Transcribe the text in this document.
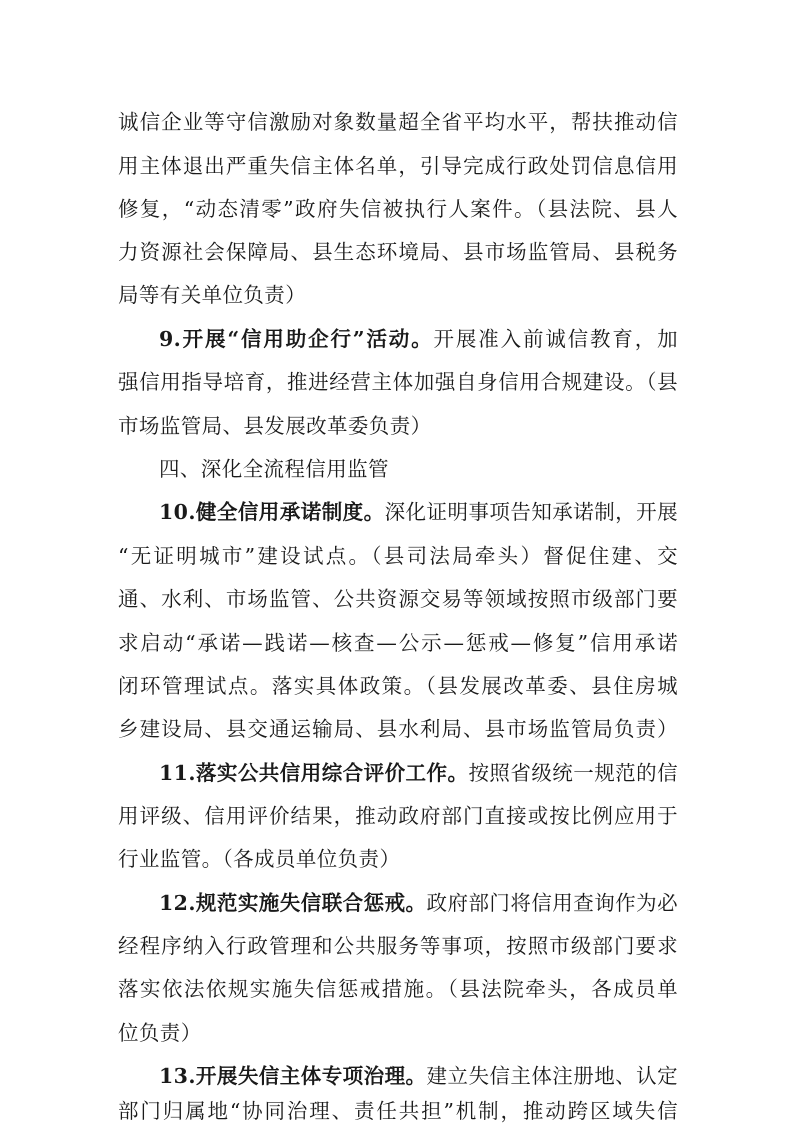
诚信企业等守信激励对象数量超全省平均水平，帮扶推动信
用主体退出严重失信主体名单，引导完成行政处罚信息信用
修复，“动态清零”政府失信被执行人案件。（县法院、县人
力资源社会保障局、县生态环境局、县市场监管局、县税务
局等有关单位负责）
9.开展“信用助企行”活动。开展准入前诚信教育，加
强信用指导培育，推进经营主体加强自身信用合规建设。（县
市场监管局、县发展改革委负责）
四、深化全流程信用监管
10.健全信用承诺制度。深化证明事项告知承诺制，开展
“无证明城市”建设试点。（县司法局牵头）督促住建、交
通、水利、市场监管、公共资源交易等领域按照市级部门要
求启动“承诺—践诺—核查—公示—惩戒—修复”信用承诺
闭环管理试点。落实具体政策。（县发展改革委、县住房城
乡建设局、县交通运输局、县水利局、县市场监管局负责）
11.落实公共信用综合评价工作。按照省级统一规范的信
用评级、信用评价结果，推动政府部门直接或按比例应用于
行业监管。（各成员单位负责）
12.规范实施失信联合惩戒。政府部门将信用查询作为必
经程序纳入行政管理和公共服务等事项，按照市级部门要求
落实依法依规实施失信惩戒措施。（县法院牵头，各成员单
位负责）
13.开展失信主体专项治理。建立失信主体注册地、认定
部门归属地“协同治理、责任共担”机制，推动跨区域失信
